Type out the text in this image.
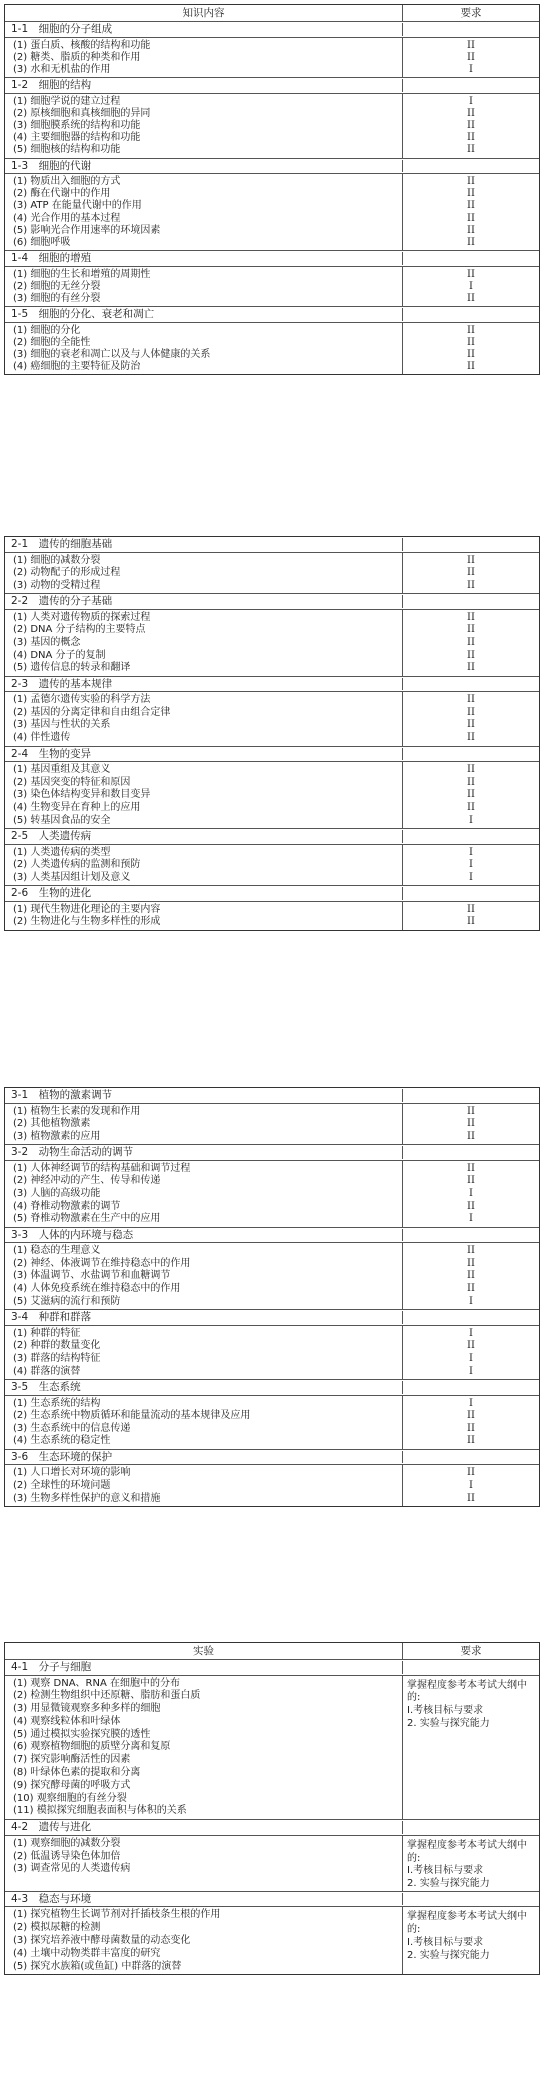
知识内容	要求
1-1　细胞的分子组成
(1) 蛋白质、核酸的结构和功能
(2) 糖类、脂质的种类和作用
(3) 水和无机盐的作用
II
II
I
1-2　细胞的结构
(1) 细胞学说的建立过程
(2) 原核细胞和真核细胞的异同
(3) 细胞膜系统的结构和功能
(4) 主要细胞器的结构和功能
(5) 细胞核的结构和功能
I
II
II
II
II
1-3　细胞的代谢
(1) 物质出入细胞的方式
(2) 酶在代谢中的作用
(3) ATP 在能量代谢中的作用
(4) 光合作用的基本过程
(5) 影响光合作用速率的环境因素
(6) 细胞呼吸
II
II
II
II
II
II
1-4　细胞的增殖
(1) 细胞的生长和增殖的周期性
(2) 细胞的无丝分裂
(3) 细胞的有丝分裂
II
I
II
1-5　细胞的分化、衰老和凋亡
(1) 细胞的分化
(2) 细胞的全能性
(3) 细胞的衰老和凋亡以及与人体健康的关系
(4) 癌细胞的主要特征及防治
II
II
II
II
2-1　遗传的细胞基础
(1) 细胞的减数分裂
(2) 动物配子的形成过程
(3) 动物的受精过程
II
II
II
2-2　遗传的分子基础
(1) 人类对遗传物质的探索过程
(2) DNA 分子结构的主要特点
(3) 基因的概念
(4) DNA 分子的复制
(5) 遗传信息的转录和翻译
II
II
II
II
II
2-3　遗传的基本规律
(1) 孟德尔遗传实验的科学方法
(2) 基因的分离定律和自由组合定律
(3) 基因与性状的关系
(4) 伴性遗传
II
II
II
II
2-4　生物的变异
(1) 基因重组及其意义
(2) 基因突变的特征和原因
(3) 染色体结构变异和数目变异
(4) 生物变异在育种上的应用
(5) 转基因食品的安全
II
II
II
II
I
2-5　人类遗传病
(1) 人类遗传病的类型
(2) 人类遗传病的监测和预防
(3) 人类基因组计划及意义
I
I
I
2-6　生物的进化
(1) 现代生物进化理论的主要内容
(2) 生物进化与生物多样性的形成
II
II
3-1　植物的激素调节
(1) 植物生长素的发现和作用
(2) 其他植物激素
(3) 植物激素的应用
II
II
II
3-2　动物生命活动的调节
(1) 人体神经调节的结构基础和调节过程
(2) 神经冲动的产生、传导和传递
(3) 人脑的高级功能
(4) 脊椎动物激素的调节
(5) 脊椎动物激素在生产中的应用
II
II
I
II
I
3-3　人体的内环境与稳态
(1) 稳态的生理意义
(2) 神经、体液调节在维持稳态中的作用
(3) 体温调节、水盐调节和血糖调节
(4) 人体免疫系统在维持稳态中的作用
(5) 艾滋病的流行和预防
II
II
II
II
I
3-4　种群和群落
(1) 种群的特征
(2) 种群的数量变化
(3) 群落的结构特征
(4) 群落的演替
I
II
I
I
3-5　生态系统
(1) 生态系统的结构
(2) 生态系统中物质循环和能量流动的基本规律及应用
(3) 生态系统中的信息传递
(4) 生态系统的稳定性
I
II
II
II
3-6　生态环境的保护
(1) 人口增长对环境的影响
(2) 全球性的环境问题
(3) 生物多样性保护的意义和措施
II
I
II
实验	要求
4-1　分子与细胞
(1) 观察 DNA、RNA 在细胞中的分布
(2) 检测生物组织中还原糖、脂肪和蛋白质
(3) 用显微镜观察多种多样的细胞
(4) 观察线粒体和叶绿体
(5) 通过模拟实验探究膜的透性
(6) 观察植物细胞的质壁分离和复原
(7) 探究影响酶活性的因素
(8) 叶绿体色素的提取和分离
(9) 探究酵母菌的呼吸方式
(10) 观察细胞的有丝分裂
(11) 模拟探究细胞表面积与体积的关系
掌握程度参考本考试大纲中的:
Ⅰ.考核目标与要求
2. 实验与探究能力
4-2　遗传与进化
(1) 观察细胞的减数分裂
(2) 低温诱导染色体加倍
(3) 调查常见的人类遗传病
掌握程度参考本考试大纲中的:
Ⅰ.考核目标与要求
2. 实验与探究能力
4-3　稳态与环境
(1) 探究植物生长调节剂对扦插枝条生根的作用
(2) 模拟尿糖的检测
(3) 探究培养液中酵母菌数量的动态变化
(4) 土壤中动物类群丰富度的研究
(5) 探究水族箱(或鱼缸) 中群落的演替
掌握程度参考本考试大纲中的:
Ⅰ.考核目标与要求
2. 实验与探究能力
